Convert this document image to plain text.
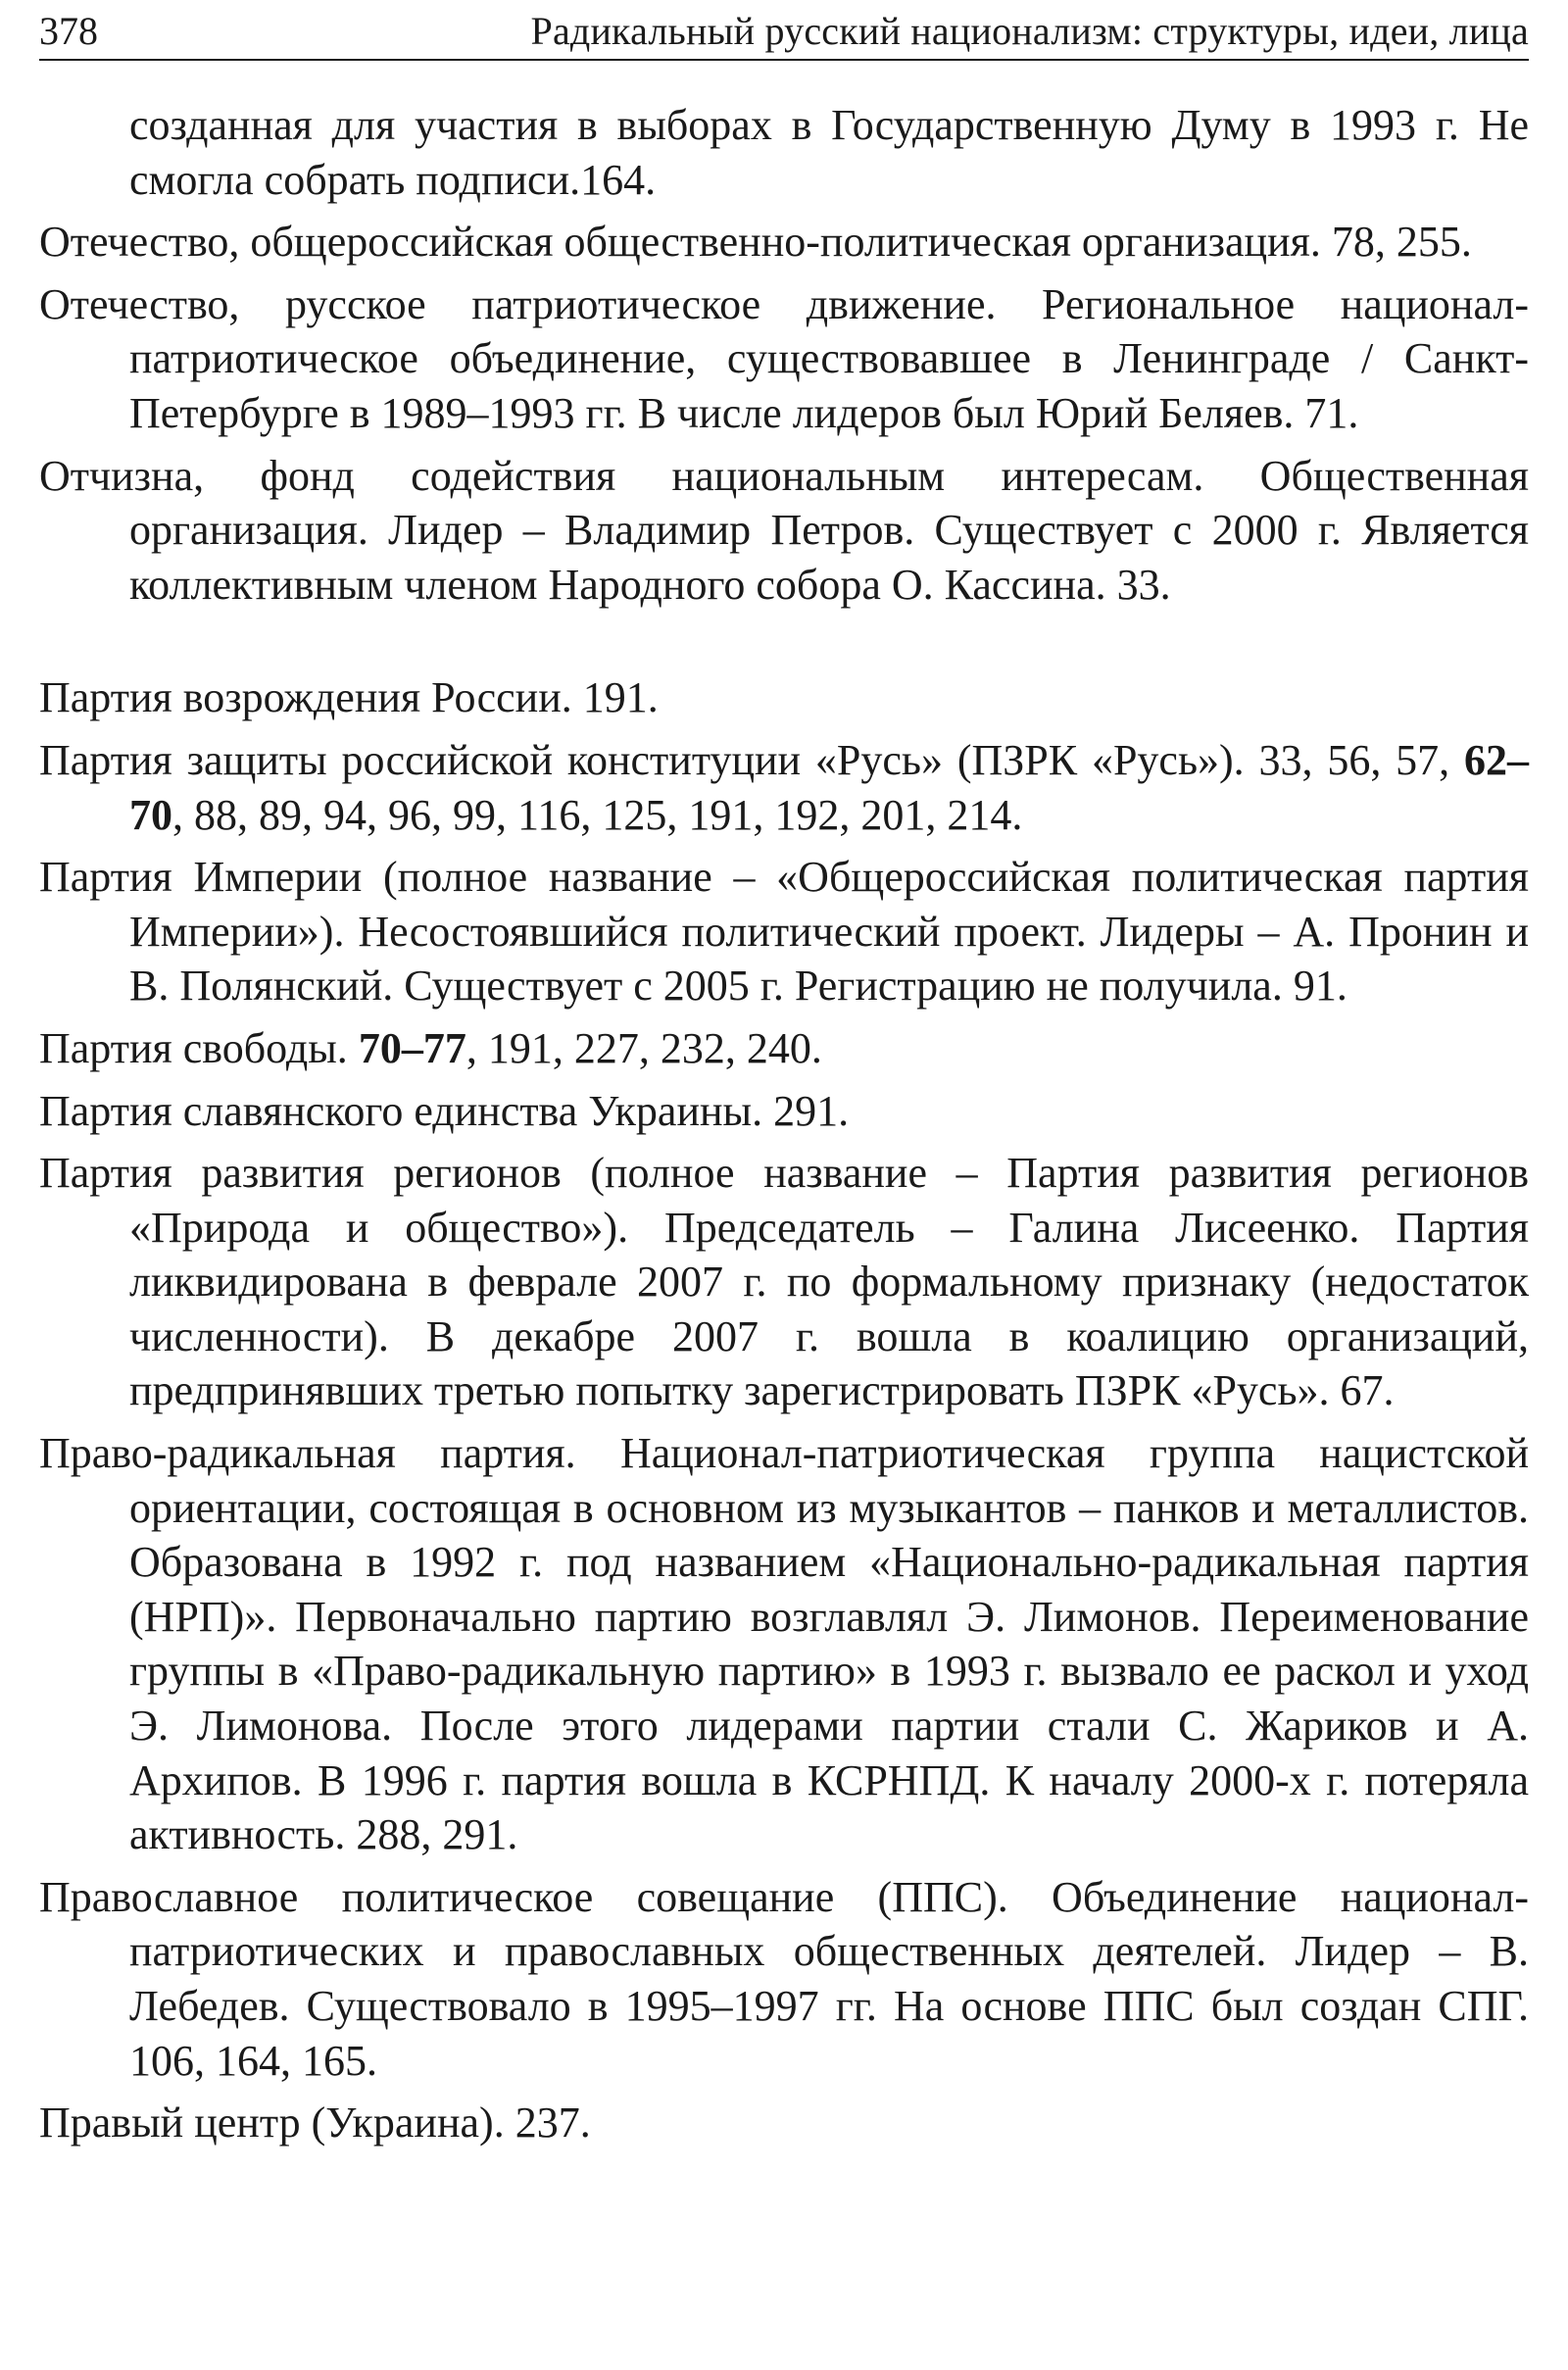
378	Радикальный русский национализм: структуры, идеи, лица

созданная для участия в выборах в Государственную Думу в 1993 г. Не смогла собрать подписи.164.

Отечество, общероссийская общественно-политическая организация. 78, 255.

Отечество, русское патриотическое движение. Региональное национал-патриотическое объединение, существовавшее в Ленинграде / Санкт-Петербурге в 1989–1993 гг. В числе лидеров был Юрий Беляев. 71.

Отчизна, фонд содействия национальным интересам. Общественная организация. Лидер – Владимир Петров. Существует с 2000 г. Является коллективным членом Народного собора О. Кассина. 33.

Партия возрождения России. 191.

Партия защиты российской конституции «Русь» (ПЗРК «Русь»). 33, 56, 57, 62–70, 88, 89, 94, 96, 99, 116, 125, 191, 192, 201, 214.

Партия Империи (полное название – «Общероссийская политическая партия Империи»). Несостоявшийся политический проект. Лидеры – А. Пронин и В. Полянский. Существует с 2005 г. Регистрацию не получила. 91.

Партия свободы. 70–77, 191, 227, 232, 240.

Партия славянского единства Украины. 291.

Партия развития регионов (полное название – Партия развития регионов «Природа и общество»). Председатель – Галина Лисеенко. Партия ликвидирована в феврале 2007 г. по формальному признаку (недостаток численности). В декабре 2007 г. вошла в коалицию организаций, предпринявших третью попытку зарегистрировать ПЗРК «Русь». 67.

Право-радикальная партия. Национал-патриотическая группа нацистской ориентации, состоящая в основном из музыкантов – панков и металлистов. Образована в 1992 г. под названием «Национально-радикальная партия (НРП)». Первоначально партию возглавлял Э. Лимонов. Переименование группы в «Право-радикальную партию» в 1993 г. вызвало ее раскол и уход Э. Лимонова. После этого лидерами партии стали С. Жариков и А. Архипов. В 1996 г. партия вошла в КСРНПД. К началу 2000-х г. потеряла активность. 288, 291.

Православное политическое совещание (ППС). Объединение национал-патриотических и православных общественных деятелей. Лидер – В. Лебедев. Существовало в 1995–1997 гг. На основе ППС был создан СПГ. 106, 164, 165.

Правый центр (Украина). 237.
